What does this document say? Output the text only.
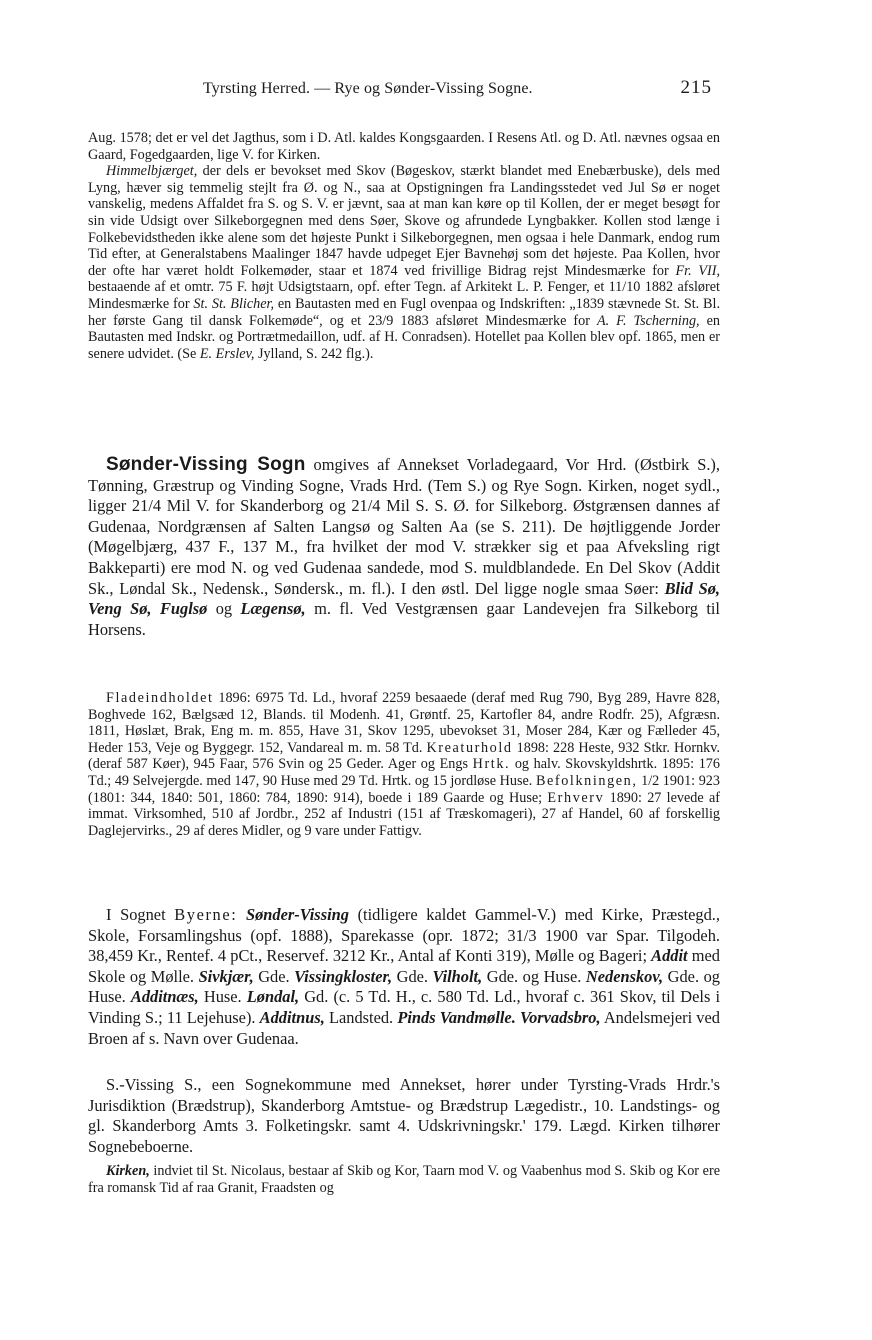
Tyrsting Herred. — Rye og Sønder-Vissing Sogne.	215

Aug. 1578; det er vel det Jagthus, som i D. Atl. kaldes Kongsgaarden. I Resens Atl. og D. Atl. nævnes ogsaa en Gaard, Fogedgaarden, lige V. for Kirken.

Himmelbjærget, der dels er bevokset med Skov (Bøgeskov, stærkt blandet med Enebærbuske), dels med Lyng, hæver sig temmelig stejlt fra Ø. og N., saa at Opstigningen fra Landingsstedet ved Jul Sø er noget vanskelig, medens Affaldet fra S. og S. V. er jævnt, saa at man kan køre op til Kollen, der er meget besøgt for sin vide Udsigt over Silkeborgegnen med dens Søer, Skove og afrundede Lyngbakker. Kollen stod længe i Folkebevidstheden ikke alene som det højeste Punkt i Silkeborgegnen, men ogsaa i hele Danmark, endog rum Tid efter, at Generalstabens Maalinger 1847 havde udpeget Ejer Bavnehøj som det højeste. Paa Kollen, hvor der ofte har været holdt Folkemøder, staar et 1874 ved frivillige Bidrag rejst Mindesmærke for Fr. VII, bestaaende af et omtr. 75 F. højt Udsigtstaarn, opf. efter Tegn. af Arkitekt L. P. Fenger, et 11/10 1882 afsløret Mindesmærke for St. St. Blicher, en Bautasten med en Fugl ovenpaa og Indskriften: „1839 stævnede St. St. Bl. her første Gang til dansk Folkemøde“, og et 23/9 1883 afsløret Mindesmærke for A. F. Tscherning, en Bautasten med Indskr. og Portrætmedaillon, udf. af H. Conradsen). Hotellet paa Kollen blev opf. 1865, men er senere udvidet. (Se E. Erslev, Jylland, S. 242 flg.).

Sønder-Vissing Sogn omgives af Annekset Vorladegaard, Vor Hrd. (Østbirk S.), Tønning, Græstrup og Vinding Sogne, Vrads Hrd. (Tem S.) og Rye Sogn. Kirken, noget sydl., ligger 21/4 Mil V. for Skanderborg og 21/4 Mil S. S. Ø. for Silkeborg. Østgrænsen dannes af Gudenaa, Nordgrænsen af Salten Langsø og Salten Aa (se S. 211). De højtliggende Jorder (Møgelbjærg, 437 F., 137 M., fra hvilket der mod V. strækker sig et paa Afveksling rigt Bakkeparti) ere mod N. og ved Gudenaa sandede, mod S. muldblandede. En Del Skov (Addit Sk., Løndal Sk., Nedensk., Søndersk., m. fl.). I den østl. Del ligge nogle smaa Søer: Blid Sø, Veng Sø, Fuglsø og Lægensø, m. fl. Ved Vestgrænsen gaar Landevejen fra Silkeborg til Horsens.

Fladeindholdet 1896: 6975 Td. Ld., hvoraf 2259 besaaede (deraf med Rug 790, Byg 289, Havre 828, Boghvede 162, Bælgsæd 12, Blands. til Modenh. 41, Grøntf. 25, Kartofler 84, andre Rodfr. 25), Afgræsn. 1811, Høslæt, Brak, Eng m. m. 855, Have 31, Skov 1295, ubevokset 31, Moser 284, Kær og Fælleder 45, Heder 153, Veje og Byggegr. 152, Vandareal m. m. 58 Td. Kreaturhold 1898: 228 Heste, 932 Stkr. Hornkv. (deraf 587 Køer), 945 Faar, 576 Svin og 25 Geder. Ager og Engs Hrtk. og halv. Skovskyldshrtk. 1895: 176 Td.; 49 Selvejergde. med 147, 90 Huse med 29 Td. Hrtk. og 15 jordløse Huse. Befolkningen, 1/2 1901: 923 (1801: 344, 1840: 501, 1860: 784, 1890: 914), boede i 189 Gaarde og Huse; Erhverv 1890: 27 levede af immat. Virksomhed, 510 af Jordbr., 252 af Industri (151 af Træskomageri), 27 af Handel, 60 af forskellig Daglejervirks., 29 af deres Midler, og 9 vare under Fattigv.

I Sognet Byerne: Sønder-Vissing (tidligere kaldet Gammel-V.) med Kirke, Præstegd., Skole, Forsamlingshus (opf. 1888), Sparekasse (opr. 1872; 31/3 1900 var Spar. Tilgodeh. 38,459 Kr., Rentef. 4 pCt., Reservef. 3212 Kr., Antal af Konti 319), Mølle og Bageri; Addit med Skole og Mølle. Sivkjær, Gde. Vissingkloster, Gde. Vilholt, Gde. og Huse. Nedenskov, Gde. og Huse. Additnæs, Huse. Løndal, Gd. (c. 5 Td. H., c. 580 Td. Ld., hvoraf c. 361 Skov, til Dels i Vinding S.; 11 Lejehuse). Additnus, Landsted. Pinds Vandmølle. Vorvadsbro, Andelsmejeri ved Broen af s. Navn over Gudenaa.

S.-Vissing S., een Sognekommune med Annekset, hører under Tyrsting-Vrads Hrdr.'s Jurisdiktion (Brædstrup), Skanderborg Amtstue- og Brædstrup Lægedistr., 10. Landstings- og gl. Skanderborg Amts 3. Folketingskr. samt 4. Udskrivningskr.' 179. Lægd. Kirken tilhører Sognebeboerne.

Kirken, indviet til St. Nicolaus, bestaar af Skib og Kor, Taarn mod V. og Vaabenhus mod S. Skib og Kor ere fra romansk Tid af raa Granit, Fraadsten og
